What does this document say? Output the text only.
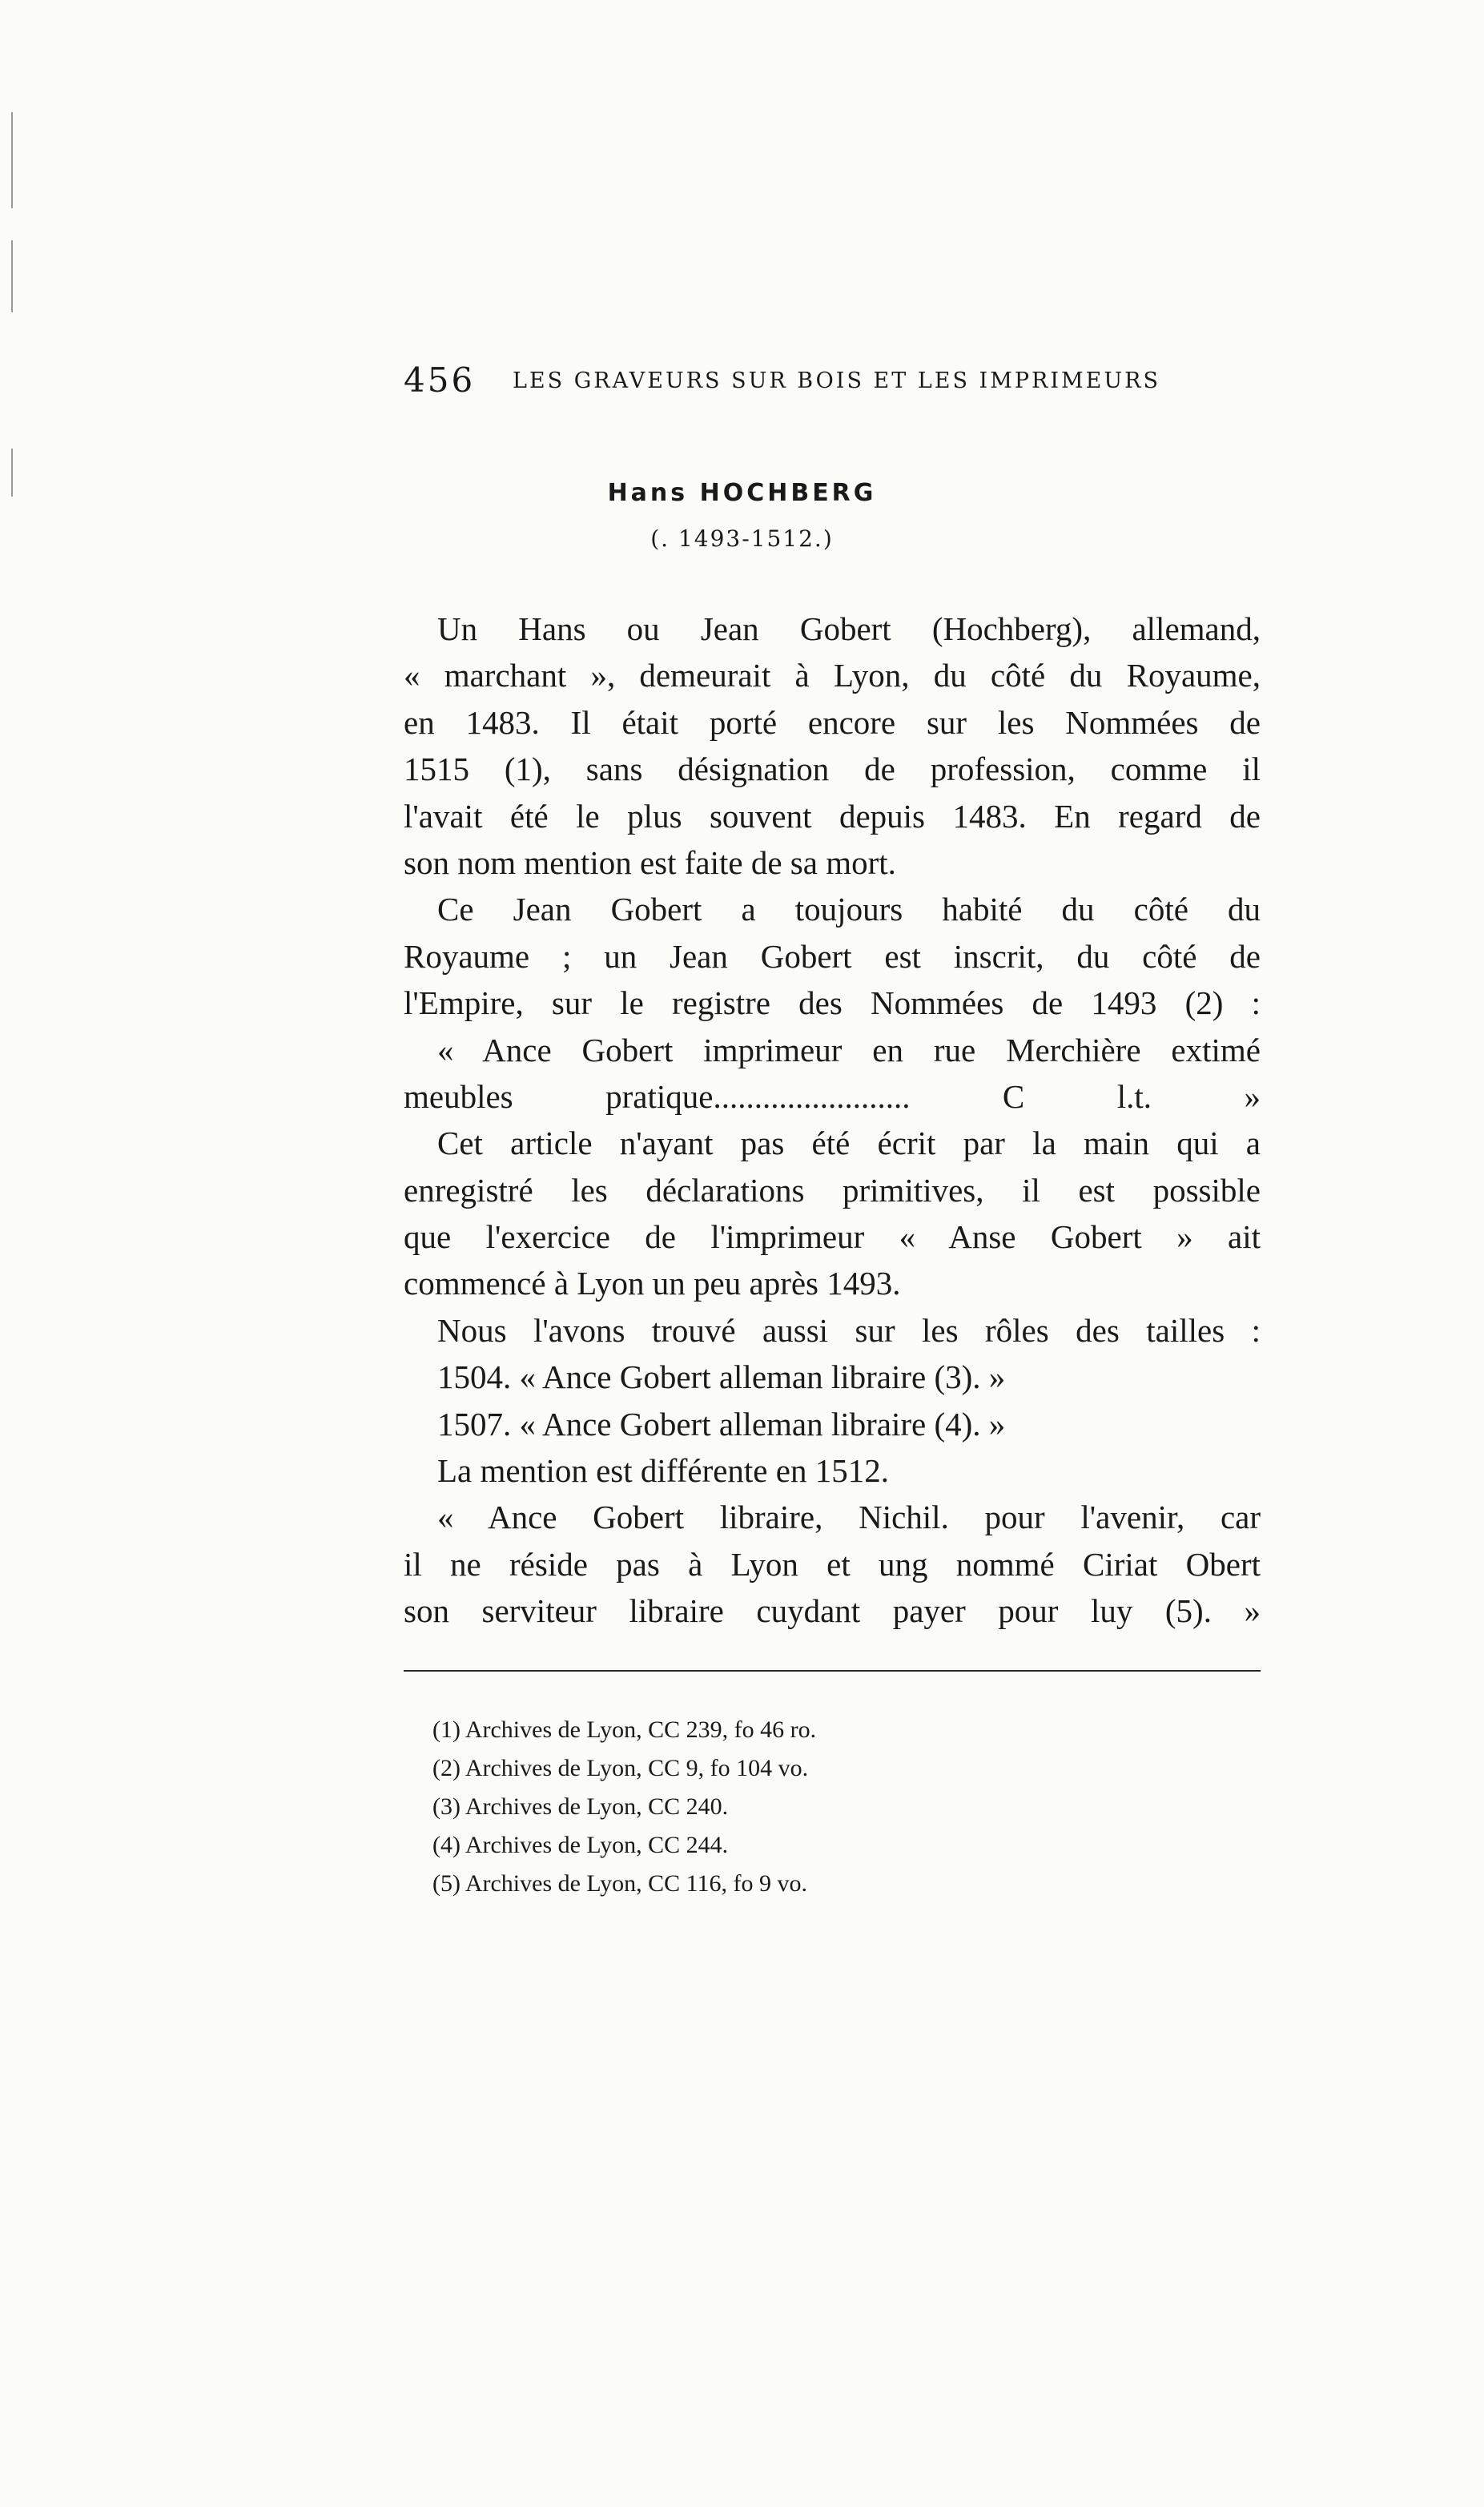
456 LES GRAVEURS SUR BOIS ET LES IMPRIMEURS
Hans HOCHBERG
(. 1493-1512.)
Un Hans ou Jean Gobert (Hochberg), allemand,
« marchant », demeurait à Lyon, du côté du Royaume,
en 1483. Il était porté encore sur les Nommées de
1515 (1), sans désignation de profession, comme il
l'avait été le plus souvent depuis 1483. En regard de
son nom mention est faite de sa mort.
Ce Jean Gobert a toujours habité du côté du
Royaume ; un Jean Gobert est inscrit, du côté de
l'Empire, sur le registre des Nommées de 1493 (2) :
« Ance Gobert imprimeur en rue Merchière extimé
meubles pratique........................ C l.t. »
Cet article n'ayant pas été écrit par la main qui a
enregistré les déclarations primitives, il est possible
que l'exercice de l'imprimeur « Anse Gobert » ait
commencé à Lyon un peu après 1493.
Nous l'avons trouvé aussi sur les rôles des tailles :
1504. « Ance Gobert alleman libraire (3). »
1507. « Ance Gobert alleman libraire (4). »
La mention est différente en 1512.
« Ance Gobert libraire, Nichil. pour l'avenir, car
il ne réside pas à Lyon et ung nommé Ciriat Obert
son serviteur libraire cuydant payer pour luy (5). »
(1) Archives de Lyon, CC 239, fo 46 ro.
(2) Archives de Lyon, CC 9, fo 104 vo.
(3) Archives de Lyon, CC 240.
(4) Archives de Lyon, CC 244.
(5) Archives de Lyon, CC 116, fo 9 vo.
